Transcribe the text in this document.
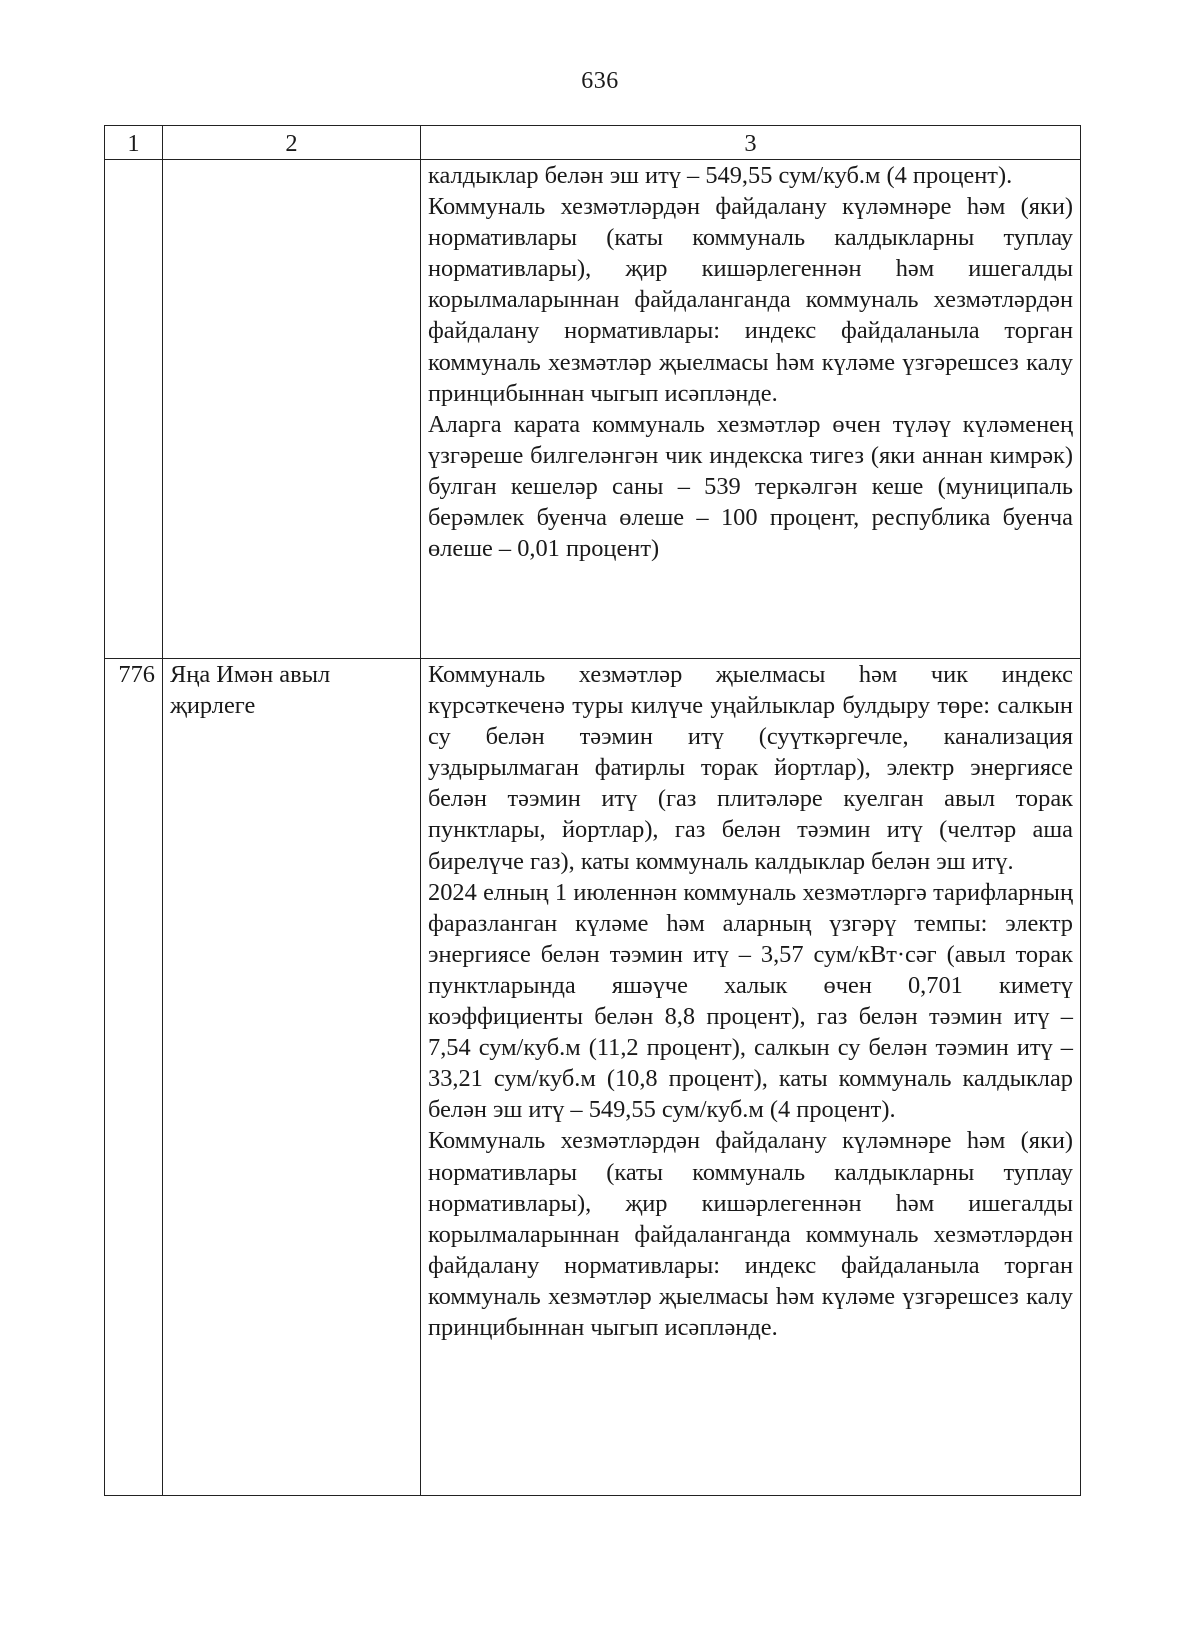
636
1	2	3

		калдыклар белән эш итү – 549,55 сум/куб.м (4 процент).

Коммуналь хезмәтләрдән файдалану күләмнәре һәм (яки) нормативлары (каты коммуналь калдыкларны туплау нормативлары), җир кишәрлегеннән һәм ишегалды корылмаларыннан файдаланганда коммуналь хезмәтләрдән файдалану нормативлары: индекс файдаланыла торган коммуналь хезмәтләр җыелмасы һәм күләме үзгәрешсез калу принцибыннан чыгып исәпләнде.

Аларга карата коммуналь хезмәтләр өчен түләү күләменең үзгәреше билгеләнгән чик индекска тигез (яки аннан кимрәк) булган кешеләр саны – 539 теркәлгән кеше (муниципаль берәмлек буенча өлеше – 100 процент, республика буенча өлеше – 0,01 процент)

776	Яңа Имән авыл җирлеге	Коммуналь хезмәтләр җыелмасы һәм чик индекс күрсәткеченә туры килүче уңайлыклар булдыру төре: салкын су белән тәэмин итү (суүткәргечле, канализация уздырылмаган фатирлы торак йортлар), электр энергиясе белән тәэмин итү (газ плитәләре куелган авыл торак пунктлары, йортлар), газ белән тәэмин итү (челтәр аша бирелүче газ), каты коммуналь калдыклар белән эш итү.

2024 елның 1 июленнән коммуналь хезмәтләргә тарифларның фаразланган күләме һәм аларның үзгәрү темпы: электр энергиясе белән тәэмин итү – 3,57 сум/кВт·сәг (авыл торак пунктларында яшәүче халык өчен 0,701 киметү коэффициенты белән 8,8 процент), газ белән тәэмин итү – 7,54 сум/куб.м (11,2 процент), салкын су белән тәэмин итү – 33,21 сум/куб.м (10,8 процент), каты коммуналь калдыклар белән эш итү – 549,55 сум/куб.м (4 процент).

Коммуналь хезмәтләрдән файдалану күләмнәре һәм (яки) нормативлары (каты коммуналь калдыкларны туплау нормативлары), җир кишәрлегеннән һәм ишегалды корылмаларыннан файдаланганда коммуналь хезмәтләрдән файдалану нормативлары: индекс файдаланыла торган коммуналь хезмәтләр җыелмасы һәм күләме үзгәрешсез калу принцибыннан чыгып исәпләнде.
